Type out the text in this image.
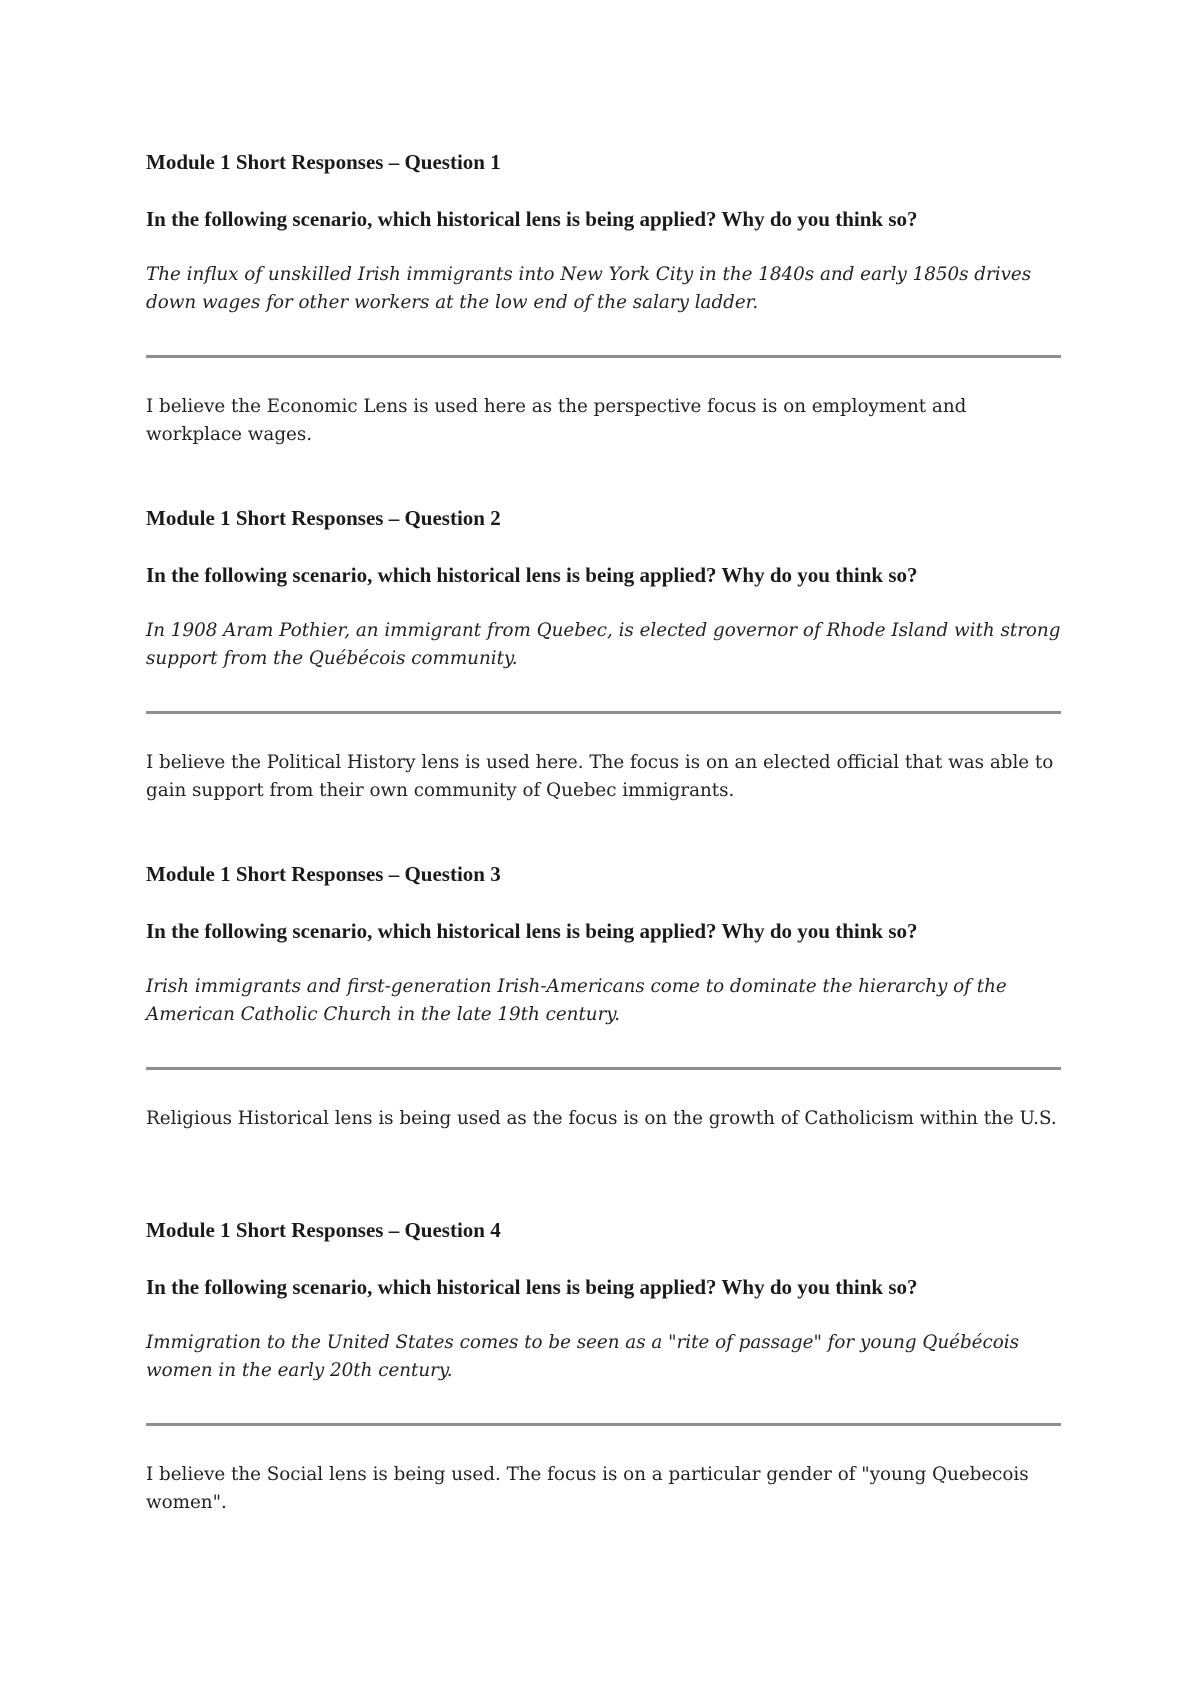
Module 1 Short Responses – Question 1

In the following scenario, which historical lens is being applied? Why do you think so?

The influx of unskilled Irish immigrants into New York City in the 1840s and early 1850s drives down wages for other workers at the low end of the salary ladder.

I believe the Economic Lens is used here as the perspective focus is on employment and workplace wages.

Module 1 Short Responses – Question 2

In the following scenario, which historical lens is being applied? Why do you think so?

In 1908 Aram Pothier, an immigrant from Quebec, is elected governor of Rhode Island with strong support from the Québécois community.

I believe the Political History lens is used here. The focus is on an elected official that was able to gain support from their own community of Quebec immigrants.

Module 1 Short Responses – Question 3

In the following scenario, which historical lens is being applied? Why do you think so?

Irish immigrants and first-generation Irish-Americans come to dominate the hierarchy of the American Catholic Church in the late 19th century.

Religious Historical lens is being used as the focus is on the growth of Catholicism within the U.S.

Module 1 Short Responses – Question 4

In the following scenario, which historical lens is being applied? Why do you think so?

Immigration to the United States comes to be seen as a "rite of passage" for young Québécois women in the early 20th century.

I believe the Social lens is being used. The focus is on a particular gender of "young Quebecois women".
